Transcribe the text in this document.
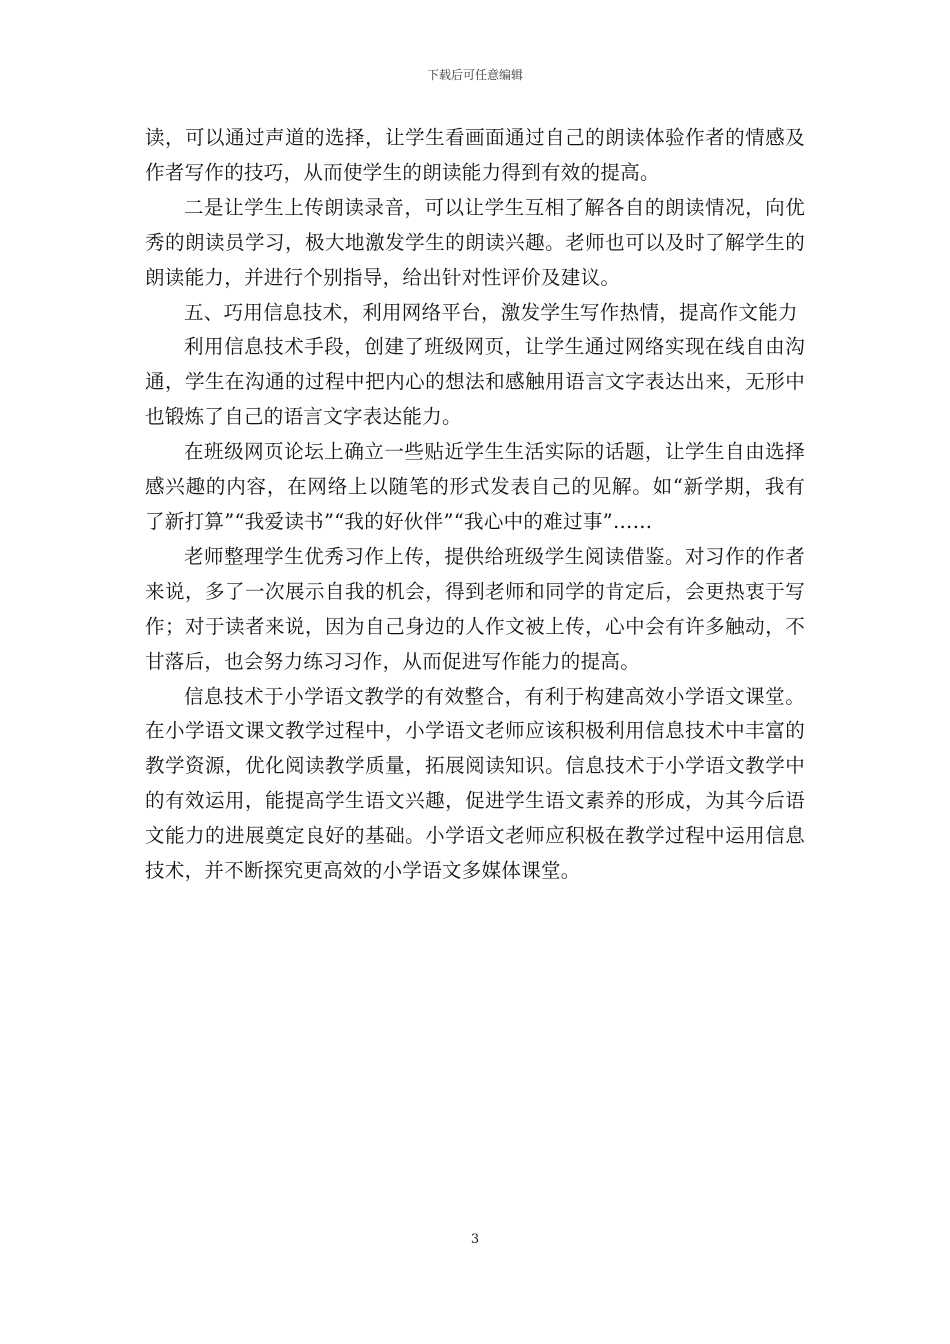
下载后可任意编辑

读，可以通过声道的选择，让学生看画面通过自己的朗读体验作者的情感及作者写作的技巧，从而使学生的朗读能力得到有效的提高。

二是让学生上传朗读录音，可以让学生互相了解各自的朗读情况，向优秀的朗读员学习，极大地激发学生的朗读兴趣。老师也可以及时了解学生的朗读能力，并进行个别指导，给出针对性评价及建议。

五、巧用信息技术，利用网络平台，激发学生写作热情，提高作文能力

利用信息技术手段，创建了班级网页，让学生通过网络实现在线自由沟通，学生在沟通的过程中把内心的想法和感触用语言文字表达出来，无形中也锻炼了自己的语言文字表达能力。

在班级网页论坛上确立一些贴近学生生活实际的话题，让学生自由选择感兴趣的内容，在网络上以随笔的形式发表自己的见解。如“新学期，我有了新打算”“我爱读书”“我的好伙伴”“我心中的难过事”……

老师整理学生优秀习作上传，提供给班级学生阅读借鉴。对习作的作者来说，多了一次展示自我的机会，得到老师和同学的肯定后，会更热衷于写作；对于读者来说，因为自己身边的人作文被上传，心中会有许多触动，不甘落后，也会努力练习习作，从而促进写作能力的提高。

信息技术于小学语文教学的有效整合，有利于构建高效小学语文课堂。在小学语文课文教学过程中，小学语文老师应该积极利用信息技术中丰富的教学资源，优化阅读教学质量，拓展阅读知识。信息技术于小学语文教学中的有效运用，能提高学生语文兴趣，促进学生语文素养的形成，为其今后语文能力的进展奠定良好的基础。小学语文老师应积极在教学过程中运用信息技术，并不断探究更高效的小学语文多媒体课堂。

3
